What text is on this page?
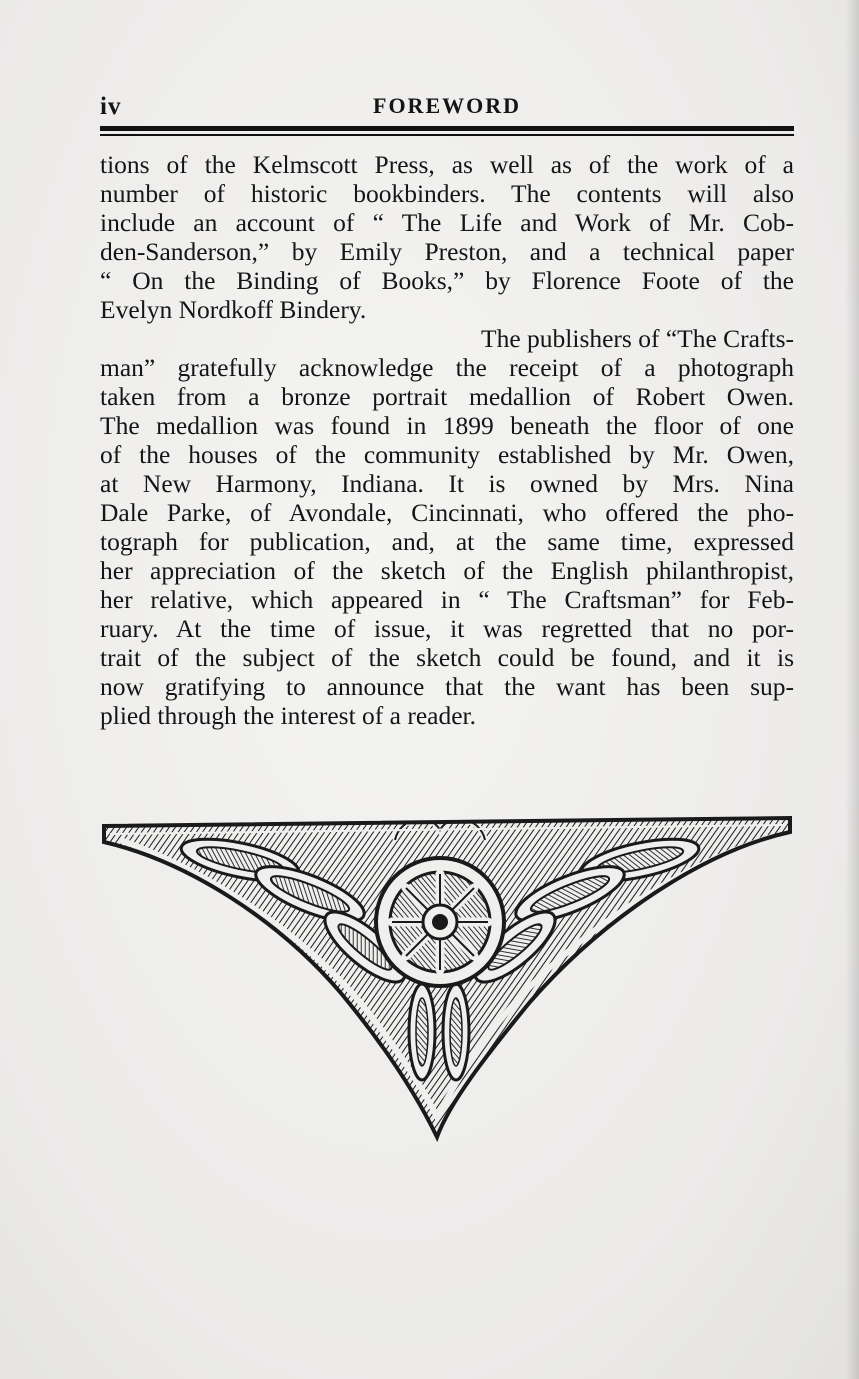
iv	FOREWORD
tions of the Kelmscott Press, as well as of the work of a
number of historic bookbinders. The contents will also
include an account of “ The Life and Work of Mr. Cob-
den-Sanderson,” by Emily Preston, and a technical paper
“ On the Binding of Books,” by Florence Foote of the
Evelyn Nordkoff Bindery.
The publishers of “The Crafts-
man” gratefully acknowledge the receipt of a photograph
taken from a bronze portrait medallion of Robert Owen.
The medallion was found in 1899 beneath the floor of one
of the houses of the community established by Mr. Owen,
at New Harmony, Indiana. It is owned by Mrs. Nina
Dale Parke, of Avondale, Cincinnati, who offered the pho-
tograph for publication, and, at the same time, expressed
her appreciation of the sketch of the English philanthropist,
her relative, which appeared in “ The Craftsman” for Feb-
ruary. At the time of issue, it was regretted that no por-
trait of the subject of the sketch could be found, and it is
now gratifying to announce that the want has been sup-
plied through the interest of a reader.
